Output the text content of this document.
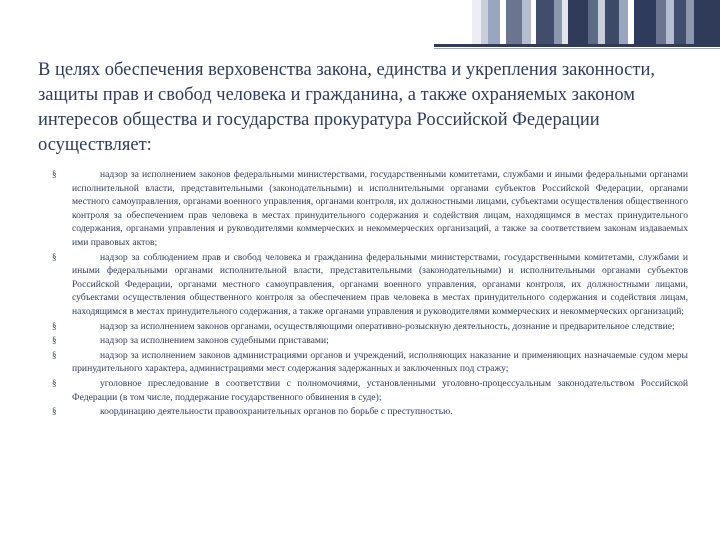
В целях обеспечения верховенства закона, единства и укрепления законности, защиты прав и свобод человека и гражданина, а также охраняемых законом интересов общества и государства прокуратура Российской Федерации осуществляет:

§	надзор за исполнением законов федеральными министерствами, государственными комитетами, службами и иными федеральными органами исполнительной власти, представительными (законодательными) и исполнительными органами субъектов Российской Федерации, органами местного самоуправления, органами военного управления, органами контроля, их должностными лицами, субъектами осуществления общественного контроля за обеспечением прав человека в местах принудительного содержания и содействия лицам, находящимся в местах принудительного содержания, органами управления и руководителями коммерческих и некоммерческих организаций, а также за соответствием законам издаваемых ими правовых актов;
§	надзор за соблюдением прав и свобод человека и гражданина федеральными министерствами, государственными комитетами, службами и иными федеральными органами исполнительной власти, представительными (законодательными) и исполнительными органами субъектов Российской Федерации, органами местного самоуправления, органами военного управления, органами контроля, их должностными лицами, субъектами осуществления общественного контроля за обеспечением прав человека в местах принудительного содержания и содействия лицам, находящимся в местах принудительного содержания, а также органами управления и руководителями коммерческих и некоммерческих организаций;
§	надзор за исполнением законов органами, осуществляющими оперативно-розыскную деятельность, дознание и предварительное следствие;
§	надзор за исполнением законов судебными приставами;
§	надзор за исполнением законов администрациями органов и учреждений, исполняющих наказание и применяющих назначаемые судом меры принудительного характера, администрациями мест содержания задержанных и заключенных под стражу;
§	уголовное преследование в соответствии с полномочиями, установленными уголовно-процессуальным законодательством Российской Федерации (в том числе, поддержание государственного обвинения в суде);
§	координацию деятельности правоохранительных органов по борьбе с преступностью.
